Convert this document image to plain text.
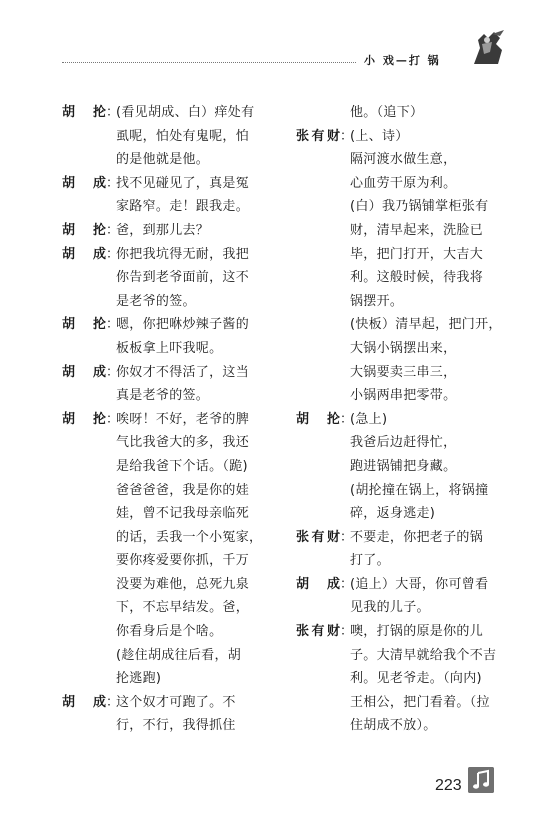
小 戏—打 锅
胡 抡：
(看见胡成、白）痒处有
虱呢，怕处有鬼呢，怕
的是他就是他。
胡 成：
找不见碰见了，真是冤
家路窄。走！跟我走。
胡 抡：
爸，到那儿去？
胡 成：
你把我坑得无耐，我把
你告到老爷面前，这不
是老爷的签。
胡 抡：
嗯，你把咻炒辣子酱的
板板拿上吓我呢。
胡 成：
你奴才不得活了，这当
真是老爷的签。
胡 抡：
唉呀！不好，老爷的脾
气比我爸大的多，我还
是给我爸下个话。（跪)
爸爸爸爸，我是你的娃
娃，曾不记我母亲临死
的话，丢我一个小冤家，
要你疼爱要你抓，千万
没要为难他，总死九泉
下，不忘早结发。爸，
你看身后是个啥。
(趁住胡成往后看，胡
抡逃跑)
胡 成：
这个奴才可跑了。不
行，不行，我得抓住
他。（追下）
张有财：
(上、诗）
隔河渡水做生意，
心血劳干原为利。
(白）我乃锅铺掌柜张有
财，清早起来，洗脸已
毕，把门打开，大吉大
利。这般时候，待我将
锅摆开。
(快板）清早起，把门开，
大锅小锅摆出来，
大锅要卖三串三，
小锅两串把零带。
胡 抡：
(急上)
我爸后边赶得忙，
跑进锅铺把身藏。
(胡抡撞在锅上，将锅撞
碎，返身逃走)
张有财：
不要走，你把老子的锅
打了。
胡 成：
(追上）大哥，你可曾看
见我的儿子。
张有财：
噢，打锅的原是你的儿
子。大清早就给我个不吉
利。见老爷走。（向内)
王相公，把门看着。（拉
住胡成不放）。
223
